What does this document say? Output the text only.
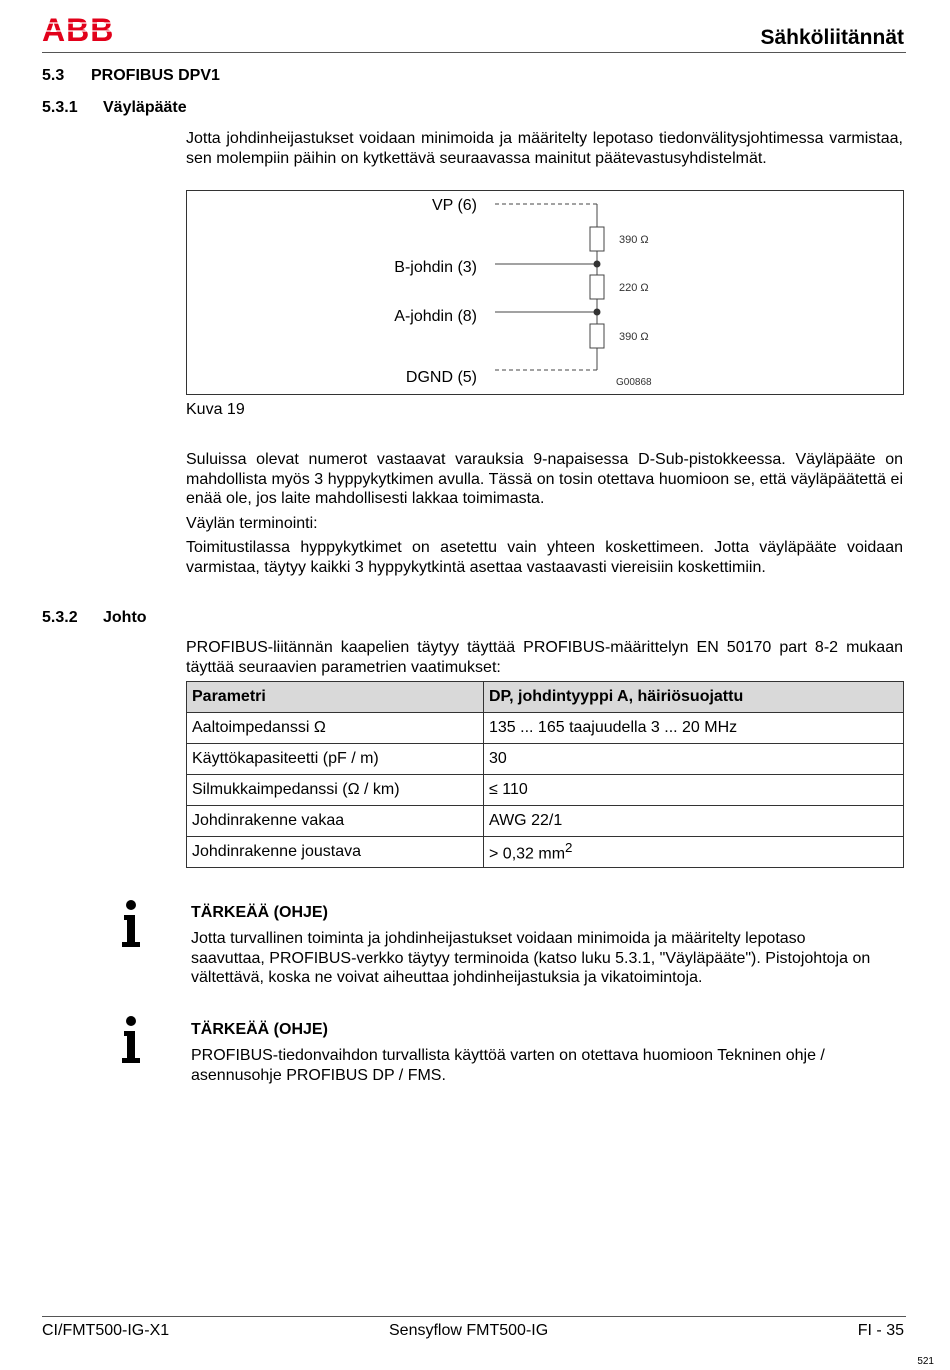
ABB	Sähköliitännät
5.3 PROFIBUS DPV1
5.3.1 Väyläpääte
Jotta johdinheijastukset voidaan minimoida ja määritelty lepotaso tiedonvälitysjohtimessa varmistaa, sen molempiin päihin on kytkettävä seuraavassa mainitut päätevastusyhdistelmät.
VP (6)
B-johdin (3)
A-johdin (8)
DGND (5)
390 Ω
220 Ω
390 Ω
G00868
Kuva 19
Suluissa olevat numerot vastaavat varauksia 9-napaisessa D-Sub-pistokkeessa. Väyläpääte on mahdollista myös 3 hyppykytkimen avulla. Tässä on tosin otettava huomioon se, että väyläpäätettä ei enää ole, jos laite mahdollisesti lakkaa toimimasta.
Väylän terminointi:
Toimitustilassa hyppykytkimet on asetettu vain yhteen koskettimeen. Jotta väyläpääte voidaan varmistaa, täytyy kaikki 3 hyppykytkintä asettaa vastaavasti viereisiin koskettimiin.
5.3.2 Johto
PROFIBUS-liitännän kaapelien täytyy täyttää PROFIBUS-määrittelyn EN 50170 part 8-2 mukaan täyttää seuraavien parametrien vaatimukset:
Parametri	DP, johdintyyppi A, häiriösuojattu
Aaltoimpedanssi Ω	135 ... 165 taajuudella 3 ... 20 MHz
Käyttökapasiteetti (pF / m)	30
Silmukkaimpedanssi (Ω / km)	≤ 110
Johdinrakenne vakaa	AWG 22/1
Johdinrakenne joustava	> 0,32 $mm^2$
TÄRKEÄÄ (OHJE)
Jotta turvallinen toiminta ja johdinheijastukset voidaan minimoida ja määritelty lepotaso saavuttaa, PROFIBUS-verkko täytyy terminoida (katso luku 5.3.1, "Väyläpääte"). Pistojohtoja on vältettävä, koska ne voivat aiheuttaa johdinheijastuksia ja vikatoimintoja.
TÄRKEÄÄ (OHJE)
PROFIBUS-tiedonvaihdon turvallista käyttöä varten on otettava huomioon Tekninen ohje / asennusohje PROFIBUS DP / FMS.
CI/FMT500-IG-X1	Sensyflow FMT500-IG	FI - 35
521
